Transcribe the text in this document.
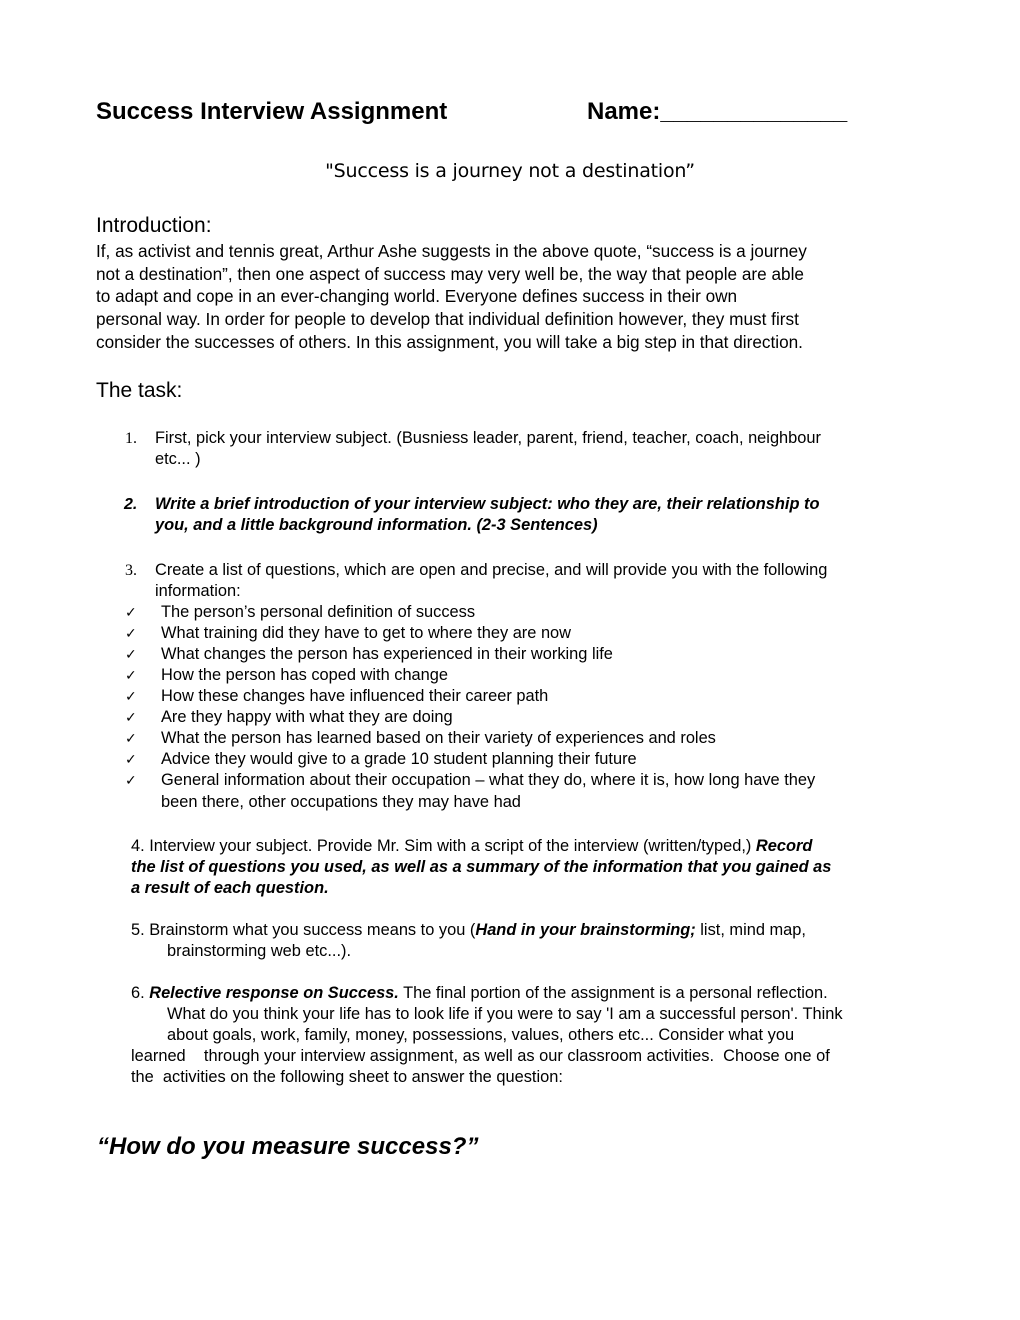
Success Interview Assignment	Name:______________
"Success is a journey not a destination”
Introduction:
If, as activist and tennis great, Arthur Ashe suggests in the above quote, “success is a journey
not a destination”, then one aspect of success may very well be, the way that people are able
to adapt and cope in an ever-changing world. Everyone defines success in their own
personal way. In order for people to develop that individual definition however, they must first
consider the successes of others. In this assignment, you will take a big step in that direction.
The task:
1. First, pick your interview subject. (Busniess leader, parent, friend, teacher, coach, neighbour
etc... )
2. Write a brief introduction of your interview subject: who they are, their relationship to
you, and a little background information. (2-3 Sentences)
3. Create a list of questions, which are open and precise, and will provide you with the following
information:
✓ The person’s personal definition of success
✓ What training did they have to get to where they are now
✓ What changes the person has experienced in their working life
✓ How the person has coped with change
✓ How these changes have influenced their career path
✓ Are they happy with what they are doing
✓ What the person has learned based on their variety of experiences and roles
✓ Advice they would give to a grade 10 student planning their future
✓ General information about their occupation – what they do, where it is, how long have they
been there, other occupations they may have had
4. Interview your subject. Provide Mr. Sim with a script of the interview (written/typed,) Record
the list of questions you used, as well as a summary of the information that you gained as
a result of each question.
5. Brainstorm what you success means to you (Hand in your brainstorming; list, mind map,
brainstorming web etc...).
6. Relective response on Success. The final portion of the assignment is a personal reflection.
What do you think your life has to look life if you were to say 'I am a successful person'. Think
about goals, work, family, money, possessions, values, others etc... Consider what you
learned    through your interview assignment, as well as our classroom activities.  Choose one of
the  activities on the following sheet to answer the question:
“How do you measure success?”
